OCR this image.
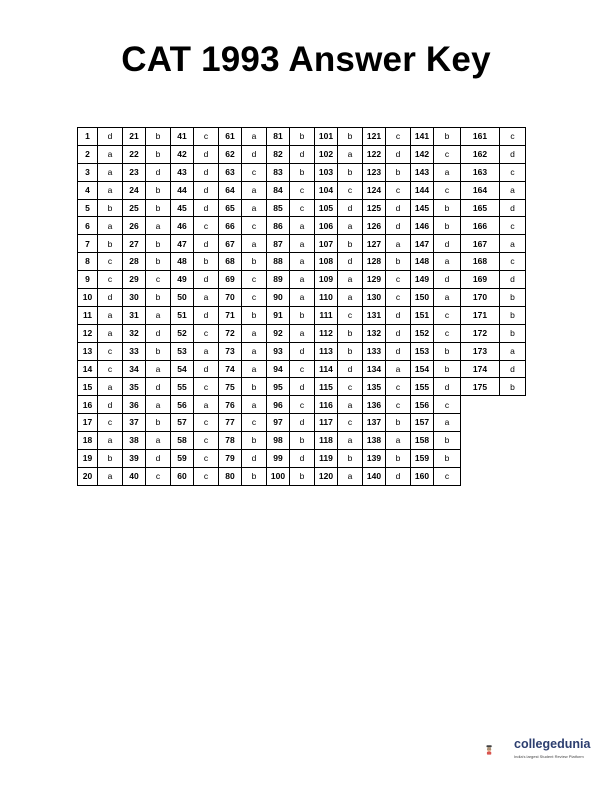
CAT 1993 Answer Key
1	d	21	b	41	c	61	a	81	b	101	b	121	c	141	b	161	c
2	a	22	b	42	d	62	d	82	d	102	a	122	d	142	c	162	d
3	a	23	d	43	d	63	c	83	b	103	b	123	b	143	a	163	c
4	a	24	b	44	d	64	a	84	c	104	c	124	c	144	c	164	a
5	b	25	b	45	d	65	a	85	c	105	d	125	d	145	b	165	d
6	a	26	a	46	c	66	c	86	a	106	a	126	d	146	b	166	c
7	b	27	b	47	d	67	a	87	a	107	b	127	a	147	d	167	a
8	c	28	b	48	b	68	b	88	a	108	d	128	b	148	a	168	c
9	c	29	c	49	d	69	c	89	a	109	a	129	c	149	d	169	d
10	d	30	b	50	a	70	c	90	a	110	a	130	c	150	a	170	b
11	a	31	a	51	d	71	b	91	b	111	c	131	d	151	c	171	b
12	a	32	d	52	c	72	a	92	a	112	b	132	d	152	c	172	b
13	c	33	b	53	a	73	a	93	d	113	b	133	d	153	b	173	a
14	c	34	a	54	d	74	a	94	c	114	d	134	a	154	b	174	d
15	a	35	d	55	c	75	b	95	d	115	c	135	c	155	d	175	b
16	d	36	a	56	a	76	a	96	c	116	a	136	c	156	c		
17	c	37	b	57	c	77	c	97	d	117	c	137	b	157	a		
18	a	38	a	58	c	78	b	98	b	118	a	138	a	158	b		
19	b	39	d	59	c	79	d	99	d	119	b	139	b	159	b		
20	a	40	c	60	c	80	b	100	b	120	a	140	d	160	c		
collegedunia
India's largest Student Review Platform
